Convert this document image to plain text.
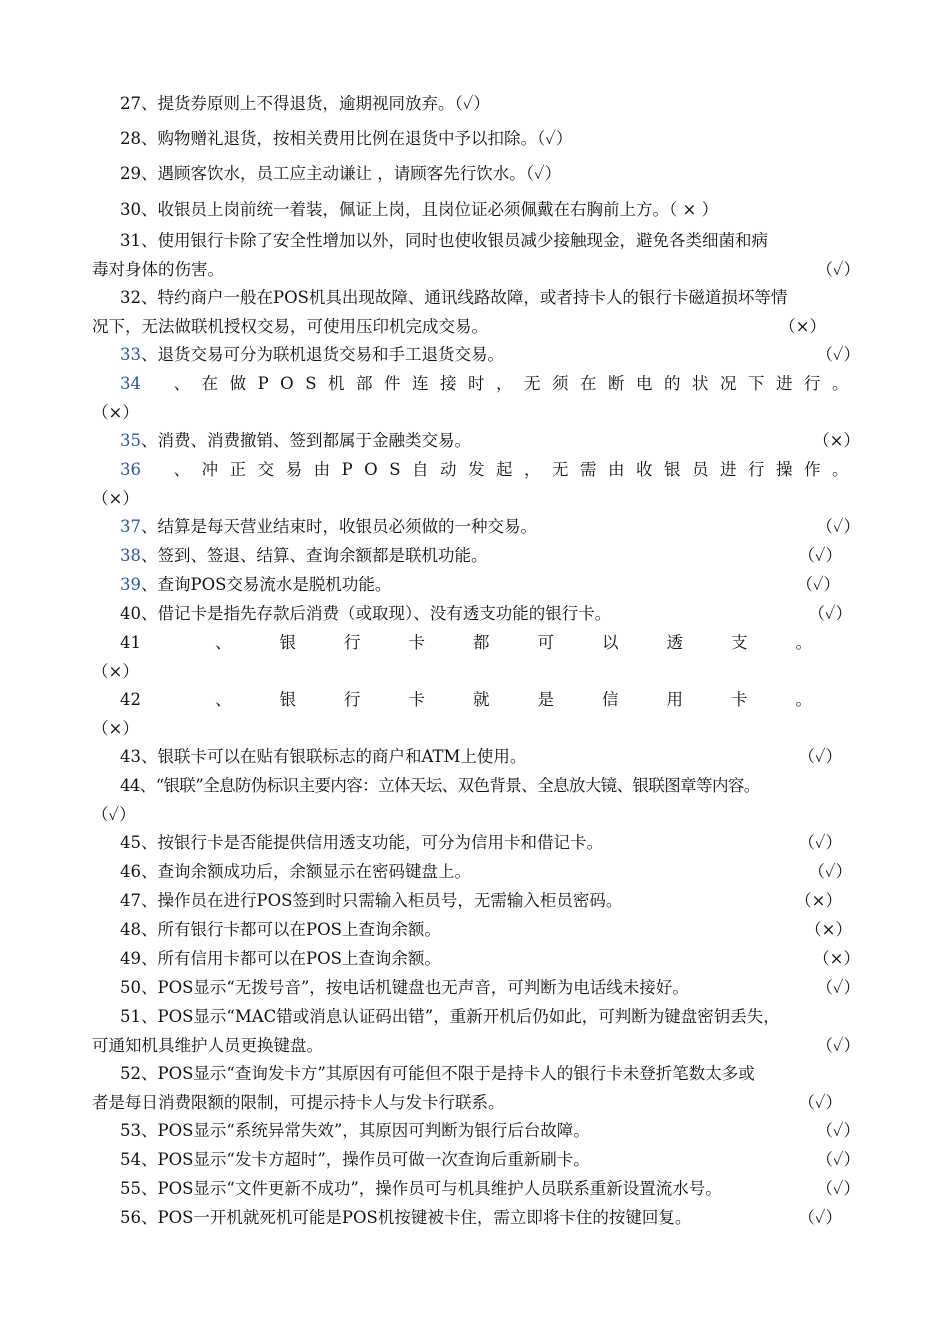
27、提货券原则上不得退货，逾期视同放弃。（✓）
28、购物赠礼退货，按相关费用比例在退货中予以扣除。（✓）
29、遇顾客饮水，员工应主动谦让 ，请顾客先行饮水。（✓）
30、收银员上岗前统一着装，佩证上岗，且岗位证必须佩戴在右胸前上方。（ × ）
31、使用银行卡除了安全性增加以外，同时也使收银员减少接触现金，避免各类细菌和病
毒对身体的伤害。	（✓）
32、特约商户一般在POS机具出现故障、通讯线路故障，或者持卡人的银行卡磁道损坏等情
况下，无法做联机授权交易，可使用压印机完成交易。	（×）
33、退货交易可分为联机退货交易和手工退货交易。	（✓）
34 、在做POS机部件连接时，无须在断电的状况下进行。
（×）
35、消费、消费撤销、签到都属于金融类交易。	（×）
36 、冲正交易由POS自动发起，无需由收银员进行操作。
（×）
37、结算是每天营业结束时，收银员必须做的一种交易。	（✓）
38、签到、签退、结算、查询余额都是联机功能。	（✓）
39、查询POS交易流水是脱机功能。	（✓）
40、借记卡是指先存款后消费（或取现）、没有透支功能的银行卡。	（✓）
41	、银行卡都可以透支。
（×）
42	、银行卡就是信用卡。
（×）
43、银联卡可以在贴有银联标志的商户和ATM上使用。	（✓）
44、“银联”全息防伪标识主要内容：立体天坛、双色背景、全息放大镜、银联图章等内容。
（✓）
45、按银行卡是否能提供信用透支功能，可分为信用卡和借记卡。	（✓）
46、查询余额成功后，余额显示在密码键盘上。	（✓）
47、操作员在进行POS签到时只需输入柜员号，无需输入柜员密码。	（×）
48、所有银行卡都可以在POS上查询余额。	（×）
49、所有信用卡都可以在POS上查询余额。	（×）
50、POS显示“无拨号音”，按电话机键盘也无声音，可判断为电话线未接好。	（✓）
51、POS显示“MAC错或消息认证码出错”，重新开机后仍如此，可判断为键盘密钥丢失，
可通知机具维护人员更换键盘。	（✓）
52、POS显示“查询发卡方”其原因有可能但不限于是持卡人的银行卡未登折笔数太多或
者是每日消费限额的限制，可提示持卡人与发卡行联系。	（✓）
53、POS显示“系统异常失效”，其原因可判断为银行后台故障。	（✓）
54、POS显示“发卡方超时”，操作员可做一次查询后重新刷卡。	（✓）
55、POS显示“文件更新不成功”，操作员可与机具维护人员联系重新设置流水号。	（✓）
56、POS一开机就死机可能是POS机按键被卡住，需立即将卡住的按键回复。	（✓）
